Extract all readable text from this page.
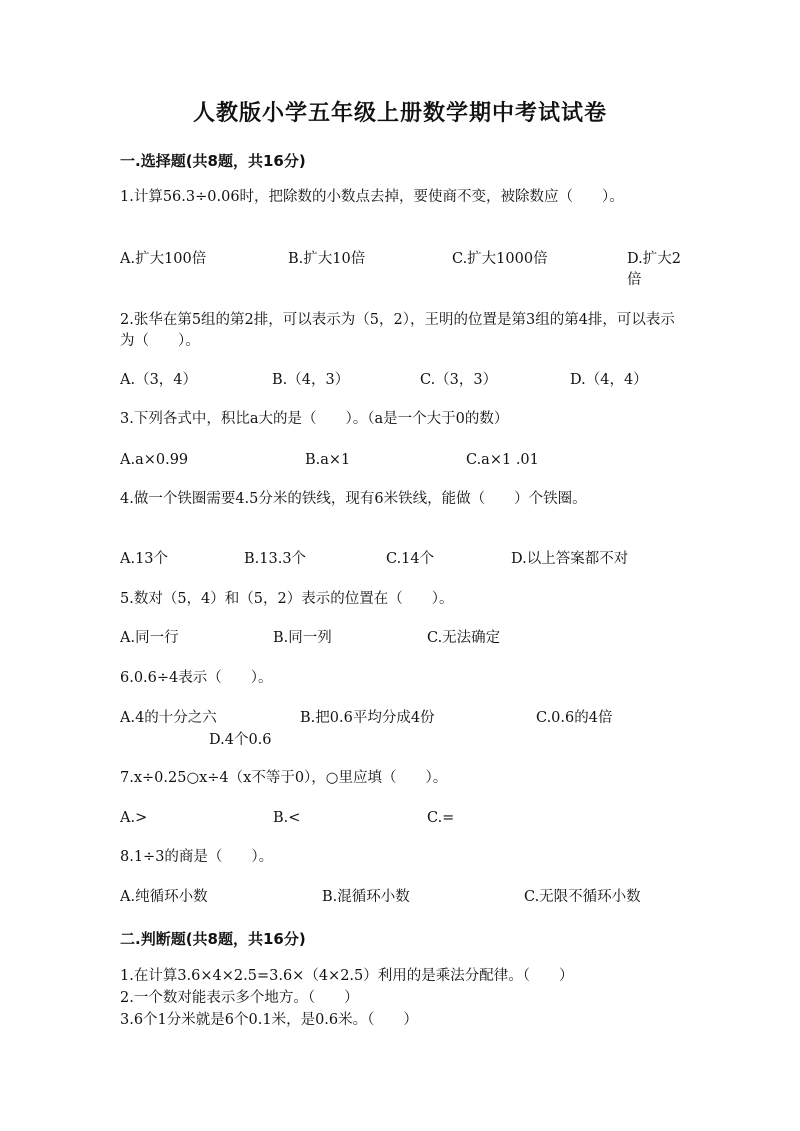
人教版小学五年级上册数学期中考试试卷
一.选择题(共8题，共16分)
1.计算56.3÷0.06时，把除数的小数点去掉，要使商不变，被除数应（　　）。
A.扩大100倍	B.扩大10倍	C.扩大1000倍	D.扩大2倍
2.张华在第5组的第2排，可以表示为（5，2），王明的位置是第3组的第4排，可以表示为（　　）。
A.（3，4）	B.（4，3）	C.（3，3）	D.（4，4）
3.下列各式中，积比a大的是（　　）。（a是一个大于0的数）
A.a×0.99	B.a×1	C.a×1 .01
4.做一个铁圈需要4.5分米的铁线，现有6米铁线，能做（　　）个铁圈。
A.13个	B.13.3个	C.14个	D.以上答案都不对
5.数对（5，4）和（5，2）表示的位置在（　　）。
A.同一行	B.同一列	C.无法确定
6.0.6÷4表示（　　）。
A.4的十分之六	B.把0.6平均分成4份	C.0.6的4倍
D.4个0.6
7.x÷0.25○x÷4（x不等于0），○里应填（　　）。
A.>	B.<	C.=
8.1÷3的商是（　　）。
A.纯循环小数	B.混循环小数	C.无限不循环小数
二.判断题(共8题，共16分)
1.在计算3.6×4×2.5=3.6×（4×2.5）利用的是乘法分配律。（　　）
2.一个数对能表示多个地方。（　　）
3.6个1分米就是6个0.1米，是0.6米。（　　）
